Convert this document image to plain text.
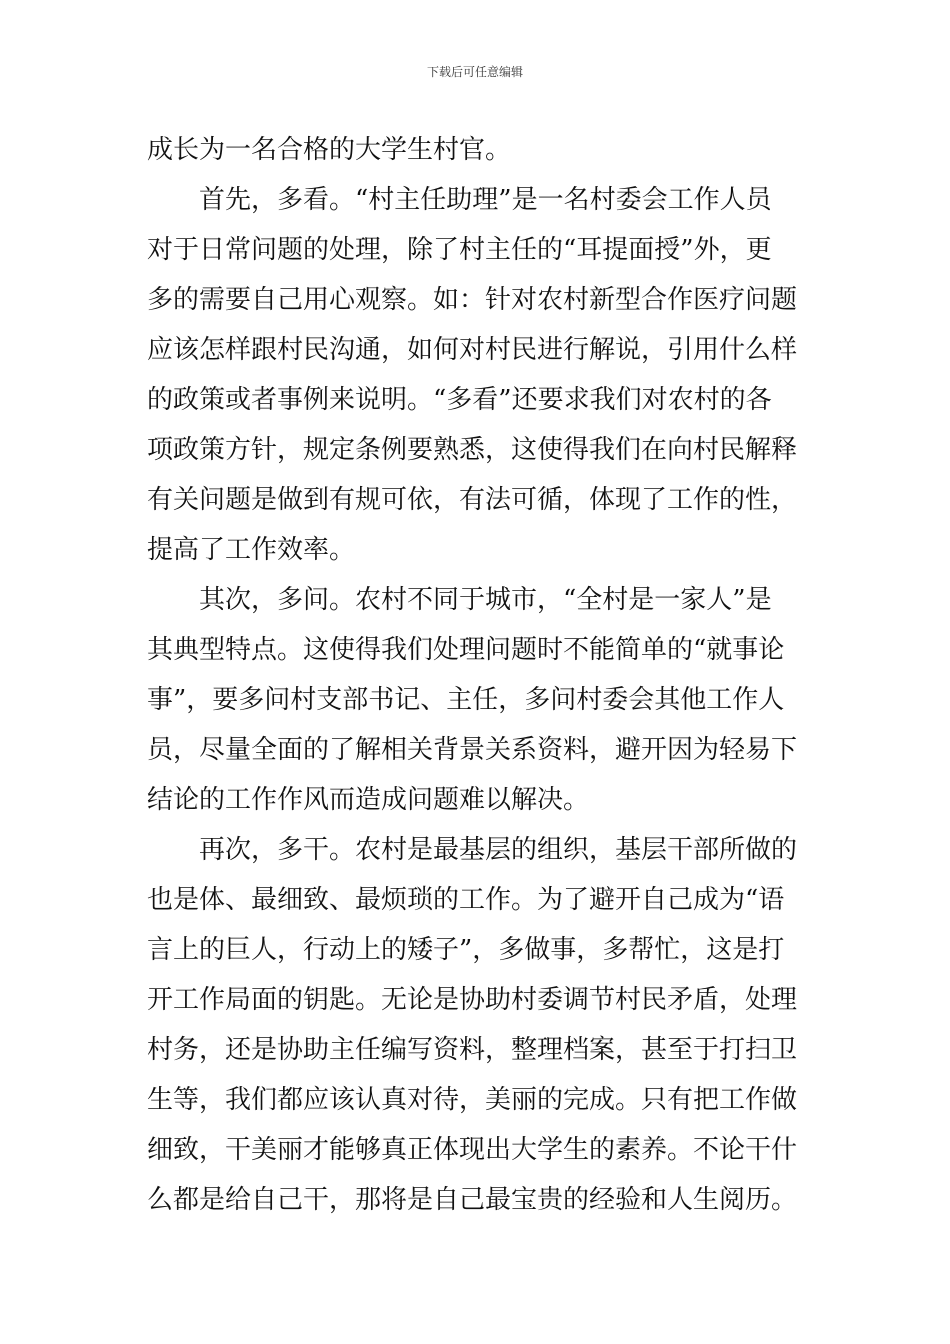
下载后可任意编辑
成长为一名合格的大学生村官。
首先，多看。“村主任助理”是一名村委会工作人员
对于日常问题的处理，除了村主任的“耳提面授”外，更
多的需要自己用心观察。如：针对农村新型合作医疗问题
应该怎样跟村民沟通，如何对村民进行解说，引用什么样
的政策或者事例来说明。“多看”还要求我们对农村的各
项政策方针，规定条例要熟悉，这使得我们在向村民解释
有关问题是做到有规可依，有法可循，体现了工作的性，
提高了工作效率。
其次，多问。农村不同于城市，“全村是一家人”是
其典型特点。这使得我们处理问题时不能简单的“就事论
事”，要多问村支部书记、主任，多问村委会其他工作人
员，尽量全面的了解相关背景关系资料，避开因为轻易下
结论的工作作风而造成问题难以解决。
再次，多干。农村是最基层的组织，基层干部所做的
也是体、最细致、最烦琐的工作。为了避开自己成为“语
言上的巨人，行动上的矮子”，多做事，多帮忙，这是打
开工作局面的钥匙。无论是协助村委调节村民矛盾，处理
村务，还是协助主任编写资料，整理档案，甚至于打扫卫
生等，我们都应该认真对待，美丽的完成。只有把工作做
细致，干美丽才能够真正体现出大学生的素养。不论干什
么都是给自己干，那将是自己最宝贵的经验和人生阅历。
